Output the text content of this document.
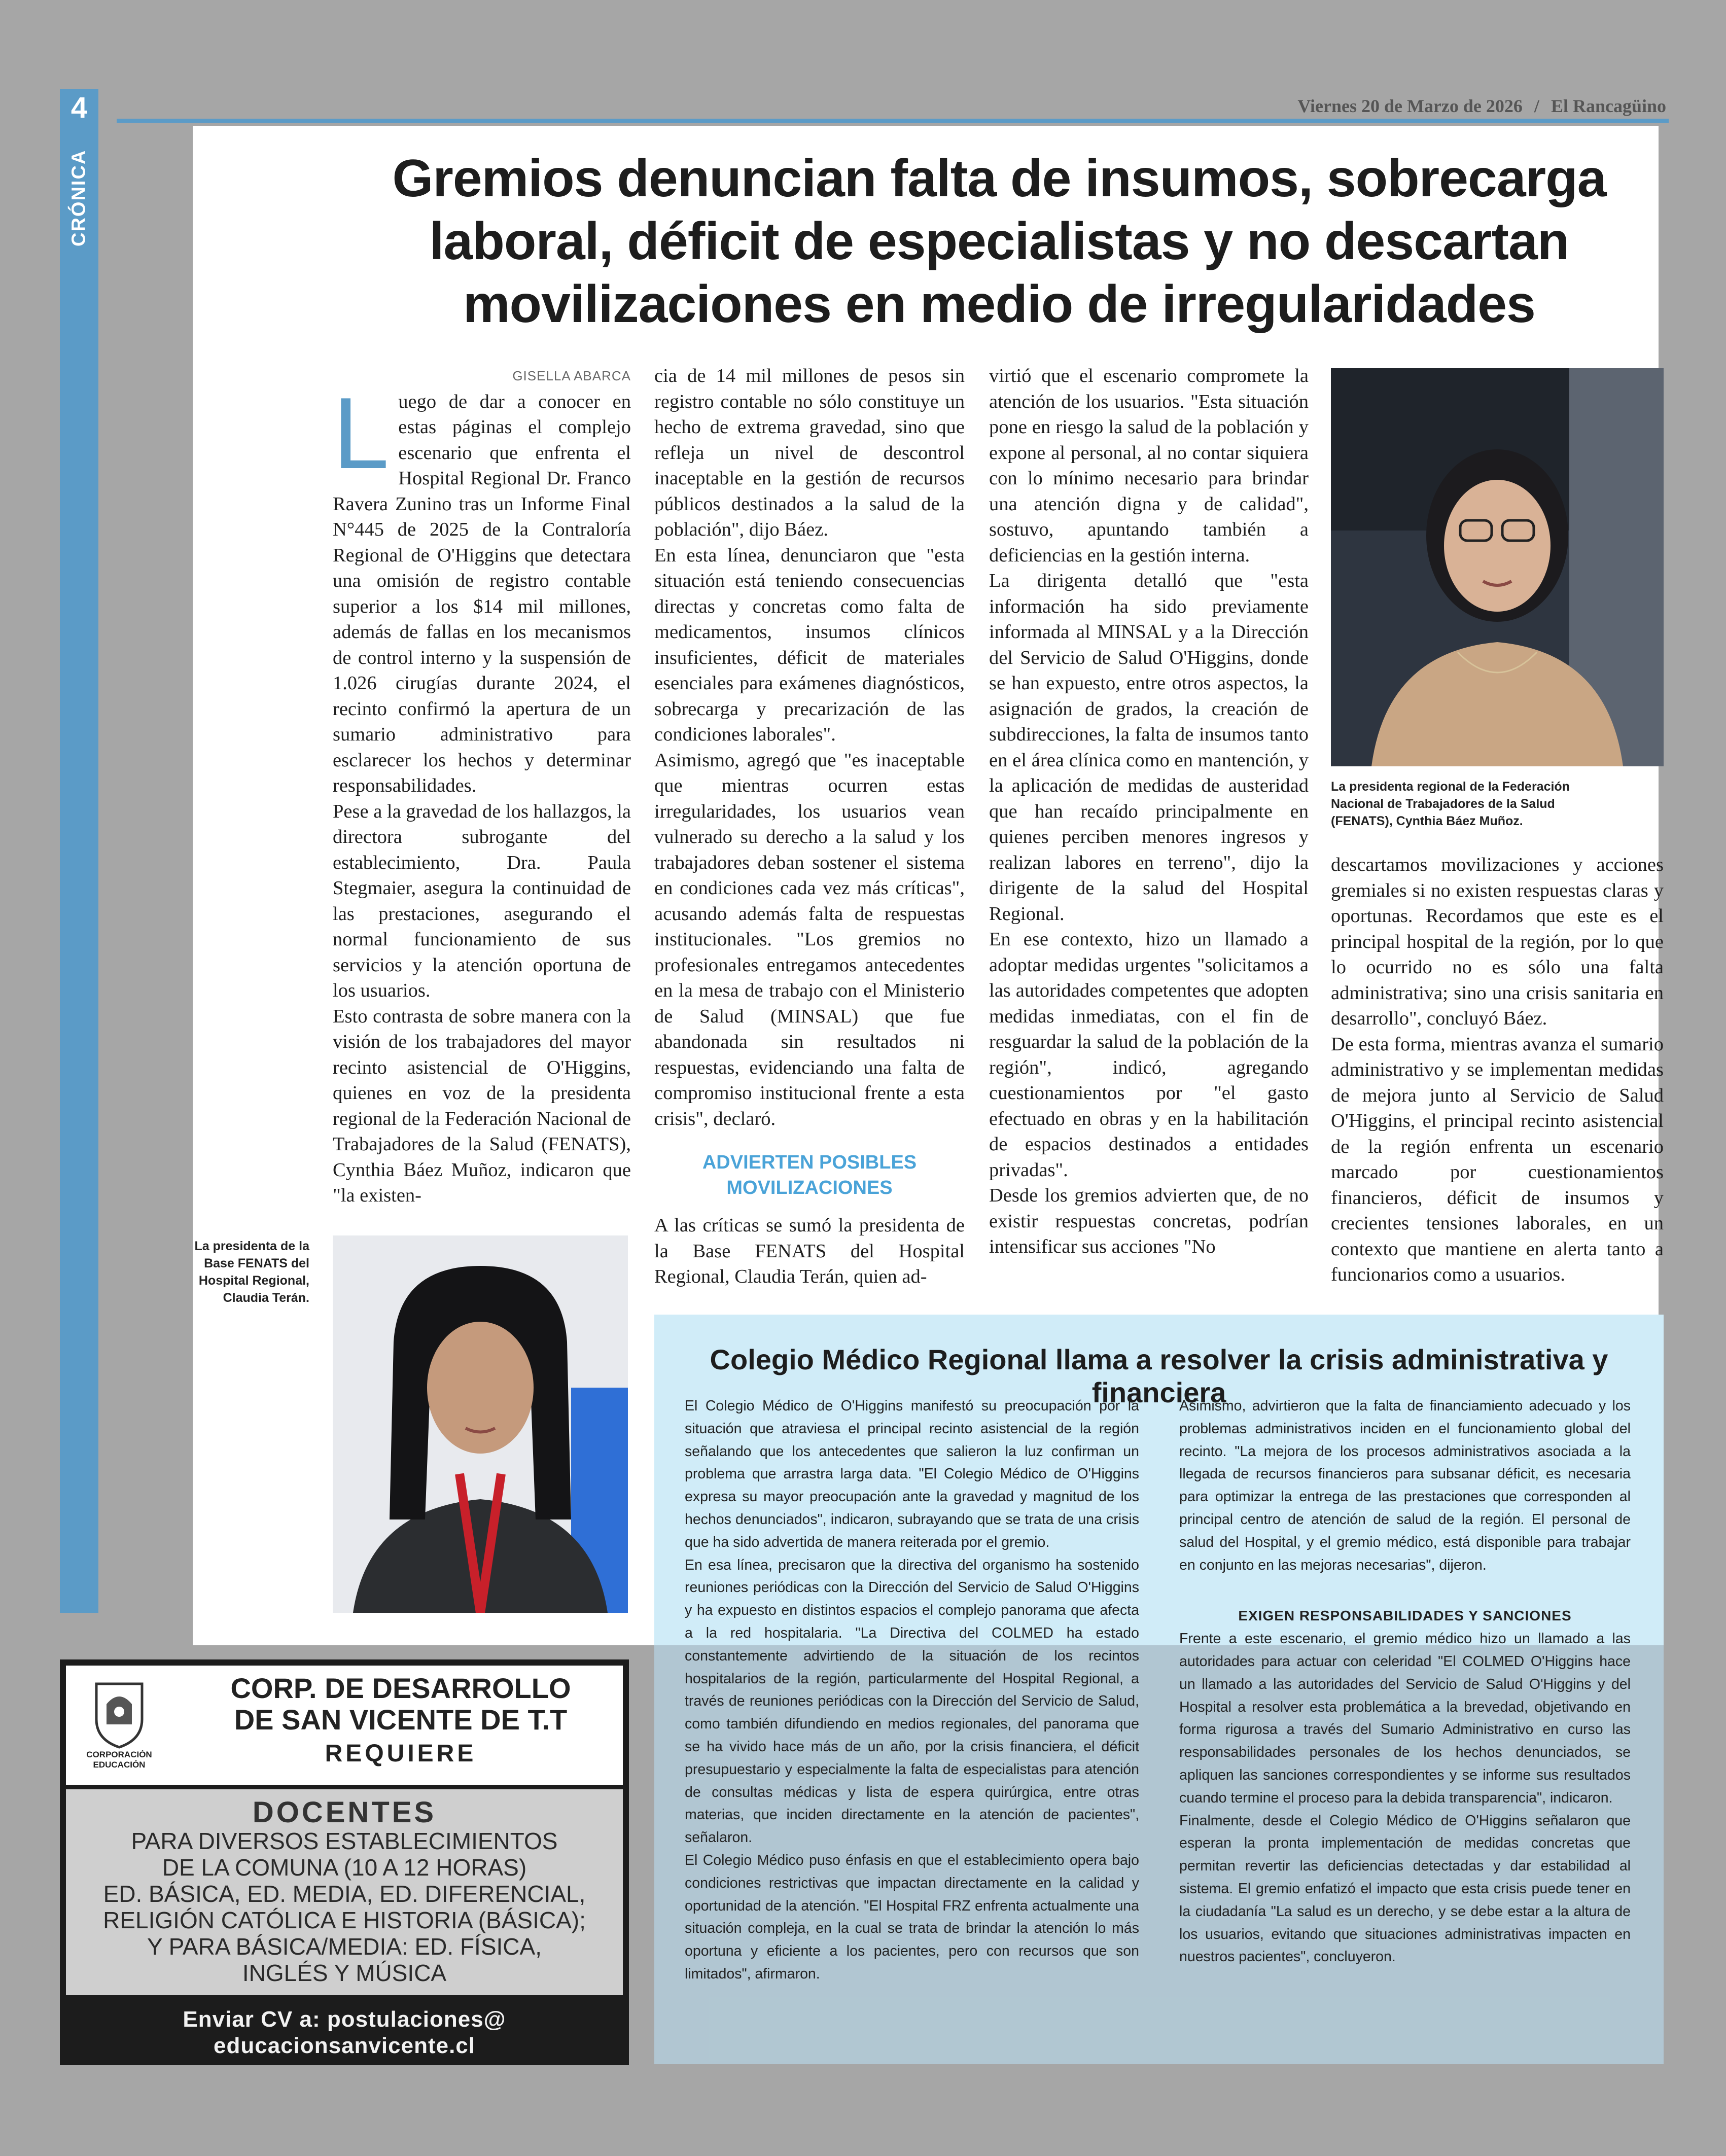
4
CRÓNICA
Viernes 20 de Marzo de 2026 / El Rancagüino
Gremios denuncian falta de insumos, sobrecarga laboral, déficit de especialistas y no descartan movilizaciones en medio de irregularidades

GISELLA ABARCA

L uego de dar a conocer en estas páginas el complejo escenario que enfrenta el Hospital Regional Dr. Franco Ravera Zunino tras un Informe Final N°445 de 2025 de la Contraloría Regional de O'Higgins que detectara una omisión de registro contable superior a los $14 mil millones, además de fallas en los mecanismos de control interno y la suspensión de 1.026 cirugías durante 2024, el recinto confirmó la apertura de un sumario administrativo para esclarecer los hechos y determinar responsabilidades.

Pese a la gravedad de los hallazgos, la directora subrogante del establecimiento, Dra. Paula Stegmaier, asegura la continuidad de las prestaciones, asegurando el normal funcionamiento de sus servicios y la atención oportuna de los usuarios.

Esto contrasta de sobre manera con la visión de los trabajadores del mayor recinto asistencial de O'Higgins, quienes en voz de la presidenta regional de la Federación Nacional de Trabajadores de la Salud (FENATS), Cynthia Báez Muñoz, indicaron que "la existen-

cia de 14 mil millones de pesos sin registro contable no sólo constituye un hecho de extrema gravedad, sino que refleja un nivel de descontrol inaceptable en la gestión de recursos públicos destinados a la salud de la población", dijo Báez.

En esta línea, denunciaron que "esta situación está teniendo consecuencias directas y concretas como falta de medicamentos, insumos clínicos insuficientes, déficit de materiales esenciales para exámenes diagnósticos, sobrecarga y precarización de las condiciones laborales".

Asimismo, agregó que "es inaceptable que mientras ocurren estas irregularidades, los usuarios vean vulnerado su derecho a la salud y los trabajadores deban sostener el sistema en condiciones cada vez más críticas", acusando además falta de respuestas institucionales. "Los gremios no profesionales entregamos antecedentes en la mesa de trabajo con el Ministerio de Salud (MINSAL) que fue abandonada sin resultados ni respuestas, evidenciando una falta de compromiso institucional frente a esta crisis", declaró.

ADVIERTEN POSIBLES MOVILIZACIONES

A las críticas se sumó la presidenta de la Base FENATS del Hospital Regional, Claudia Terán, quien ad-

virtió que el escenario compromete la atención de los usuarios. "Esta situación pone en riesgo la salud de la población y expone al personal, al no contar siquiera con lo mínimo necesario para brindar una atención digna y de calidad", sostuvo, apuntando también a deficiencias en la gestión interna.

La dirigenta detalló que "esta información ha sido previamente informada al MINSAL y a la Dirección del Servicio de Salud O'Higgins, donde se han expuesto, entre otros aspectos, la asignación de grados, la creación de subdirecciones, la falta de insumos tanto en el área clínica como en mantención, y la aplicación de medidas de austeridad que han recaído principalmente en quienes perciben menores ingresos y realizan labores en terreno", dijo la dirigente de la salud del Hospital Regional.

En ese contexto, hizo un llamado a adoptar medidas urgentes "solicitamos a las autoridades competentes que adopten medidas inmediatas, con el fin de resguardar la salud de la población de la región", indicó, agregando cuestionamientos por "el gasto efectuado en obras y en la habilitación de espacios destinados a entidades privadas".

Desde los gremios advierten que, de no existir respuestas concretas, podrían intensificar sus acciones "No

La presidenta regional de la Federación Nacional de Trabajadores de la Salud (FENATS), Cynthia Báez Muñoz.

descartamos movilizaciones y acciones gremiales si no existen respuestas claras y oportunas. Recordamos que este es el principal hospital de la región, por lo que lo ocurrido no es sólo una falta administrativa; sino una crisis sanitaria en desarrollo", concluyó Báez.

De esta forma, mientras avanza el sumario administrativo y se implementan medidas de mejora junto al Servicio de Salud O'Higgins, el principal recinto asistencial de la región enfrenta un escenario marcado por cuestionamientos financieros, déficit de insumos y crecientes tensiones laborales, en un contexto que mantiene en alerta tanto a funcionarios como a usuarios.

La presidenta de la Base FENATS del Hospital Regional, Claudia Terán.
Colegio Médico Regional llama a resolver la crisis administrativa y financiera

El Colegio Médico de O'Higgins manifestó su preocupación por la situación que atraviesa el principal recinto asistencial de la región señalando que los antecedentes que salieron la luz confirman un problema que arrastra larga data. "El Colegio Médico de O'Higgins expresa su mayor preocupación ante la gravedad y magnitud de los hechos denunciados", indicaron, subrayando que se trata de una crisis que ha sido advertida de manera reiterada por el gremio.

En esa línea, precisaron que la directiva del organismo ha sostenido reuniones periódicas con la Dirección del Servicio de Salud O'Higgins y ha expuesto en distintos espacios el complejo panorama que afecta a la red hospitalaria. "La Directiva del COLMED ha estado constantemente advirtiendo de la situación de los recintos hospitalarios de la región, particularmente del Hospital Regional, a través de reuniones periódicas con la Dirección del Servicio de Salud, como también difundiendo en medios regionales, del panorama que se ha vivido hace más de un año, por la crisis financiera, el déficit presupuestario y especialmente la falta de especialistas para atención de consultas médicas y lista de espera quirúrgica, entre otras materias, que inciden directamente en la atención de pacientes", señalaron.

El Colegio Médico puso énfasis en que el establecimiento opera bajo condiciones restrictivas que impactan directamente en la calidad y oportunidad de la atención. "El Hospital FRZ enfrenta actualmente una situación compleja, en la cual se trata de brindar la atención lo más oportuna y eficiente a los pacientes, pero con recursos que son limitados", afirmaron.

Asimismo, advirtieron que la falta de financiamiento adecuado y los problemas administrativos inciden en el funcionamiento global del recinto. "La mejora de los procesos administrativos asociada a la llegada de recursos financieros para subsanar déficit, es necesaria para optimizar la entrega de las prestaciones que corresponden al principal centro de atención de salud de la región. El personal de salud del Hospital, y el gremio médico, está disponible para trabajar en conjunto en las mejoras necesarias", dijeron.

EXIGEN RESPONSABILIDADES Y SANCIONES

Frente a este escenario, el gremio médico hizo un llamado a las autoridades para actuar con celeridad "El COLMED O'Higgins hace un llamado a las autoridades del Servicio de Salud O'Higgins y del Hospital a resolver esta problemática a la brevedad, objetivando en forma rigurosa a través del Sumario Administrativo en curso las responsabilidades personales de los hechos denunciados, se apliquen las sanciones correspondientes y se informe sus resultados cuando termine el proceso para la debida transparencia", indicaron.

Finalmente, desde el Colegio Médico de O'Higgins señalaron que esperan la pronta implementación de medidas concretas que permitan revertir las deficiencias detectadas y dar estabilidad al sistema. El gremio enfatizó el impacto que esta crisis puede tener en la ciudadanía "La salud es un derecho, y se debe estar a la altura de los usuarios, evitando que situaciones administrativas impacten en nuestros pacientes", concluyeron.

CORPORACIÓN EDUCACIÓN
CORP. DE DESARROLLO
DE SAN VICENTE DE T.T
REQUIERE
DOCENTES
PARA DIVERSOS ESTABLECIMIENTOS
DE LA COMUNA (10 A 12 HORAS)
ED. BÁSICA, ED. MEDIA, ED. DIFERENCIAL,
RELIGIÓN CATÓLICA E HISTORIA (BÁSICA);
Y PARA BÁSICA/MEDIA: ED. FÍSICA,
INGLÉS Y MÚSICA
Enviar CV a: postulaciones@
educacionsanvicente.cl
